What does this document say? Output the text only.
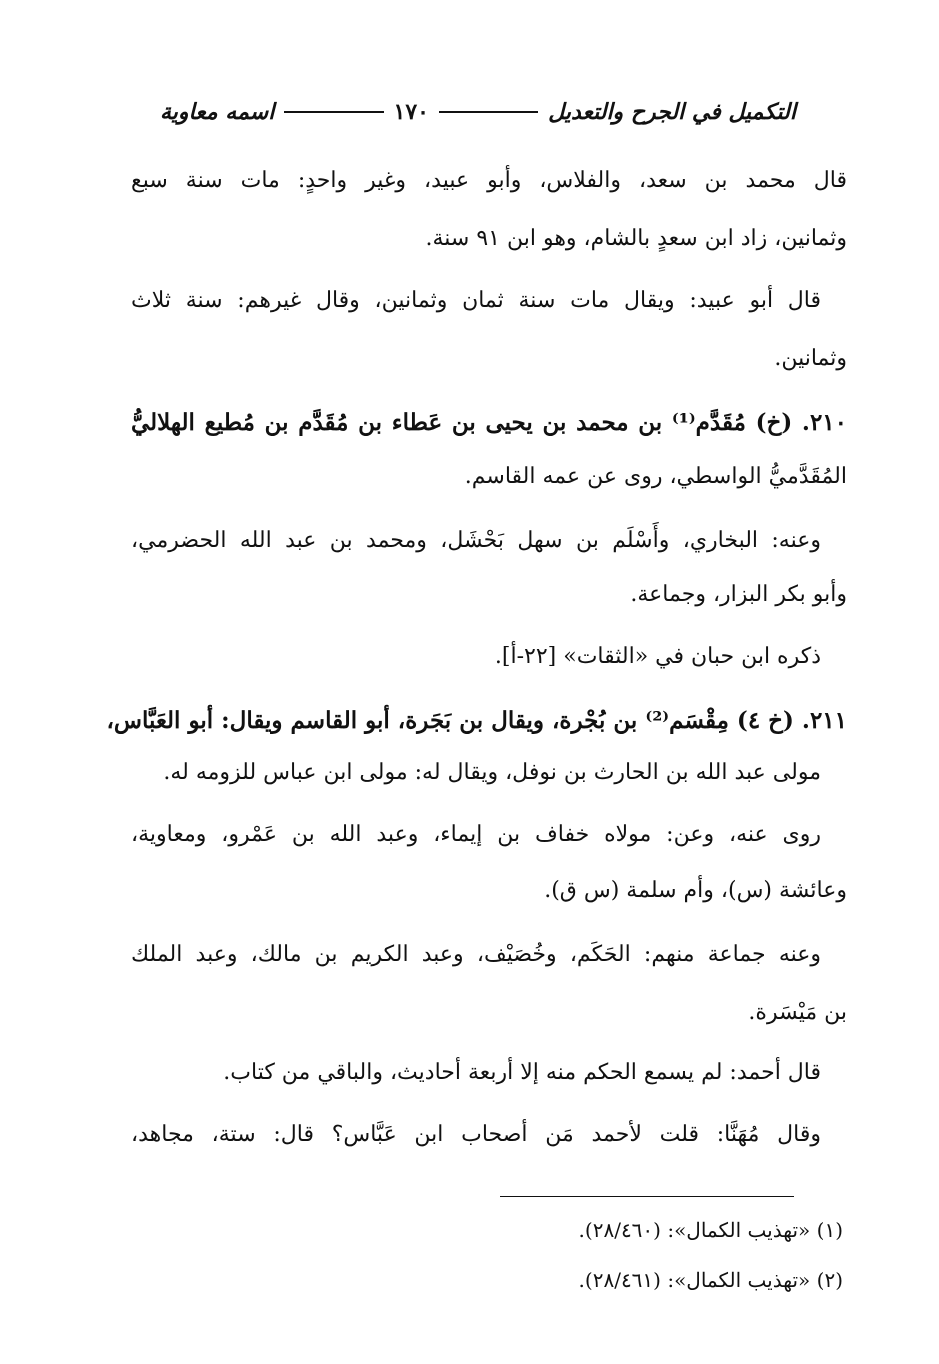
التكميل في الجرح والتعديل
١٧٠
اسمه معاوية
قال محمد بن سعد، والفلاس، وأبو عبيد، وغير واحدٍ: مات سنة سبع
وثمانين، زاد ابن سعدٍ بالشام، وهو ابن ٩١ سنة.
قال أبو عبيد: ويقال مات سنة ثمان وثمانين، وقال غيرهم: سنة ثلاث
وثمانين.
٢١٠. (خ) مُقَدَّم⁽¹⁾ بن محمد بن يحيى بن عَطاء بن مُقَدَّم بن مُطيع الهلاليُّ
المُقَدَّميُّ الواسطي، روى عن عمه القاسم.
وعنه: البخاري، وأَسْلَم بن سهل بَحْشَل، ومحمد بن عبد الله الحضرمي،
وأبو بكر البزار، وجماعة.
ذكره ابن حبان في «الثقات» [٢٢-أ].
٢١١. (خ ٤) مِقْسَم⁽²⁾ بن بُجْرة، ويقال بن بَجَرة، أبو القاسم ويقال: أبو العَبَّاس،
مولى عبد الله بن الحارث بن نوفل، ويقال له: مولى ابن عباس للزومه له.
روى عنه، وعن: مولاه خفاف بن إيماء، وعبد الله بن عَمْرو، ومعاوية،
وعائشة (س)، وأم سلمة (س ق).
وعنه جماعة منهم: الحَكَم، وخُصَيْف، وعبد الكريم بن مالك، وعبد الملك
بن مَيْسَرة.
قال أحمد: لم يسمع الحكم منه إلا أربعة أحاديث، والباقي من كتاب.
وقال مُهَنَّا: قلت لأحمد مَن أصحاب ابن عَبَّاس؟ قال: ستة، مجاهد،
(١) «تهذيب الكمال»: (٢٨/٤٦٠).
(٢) «تهذيب الكمال»: (٢٨/٤٦١).
